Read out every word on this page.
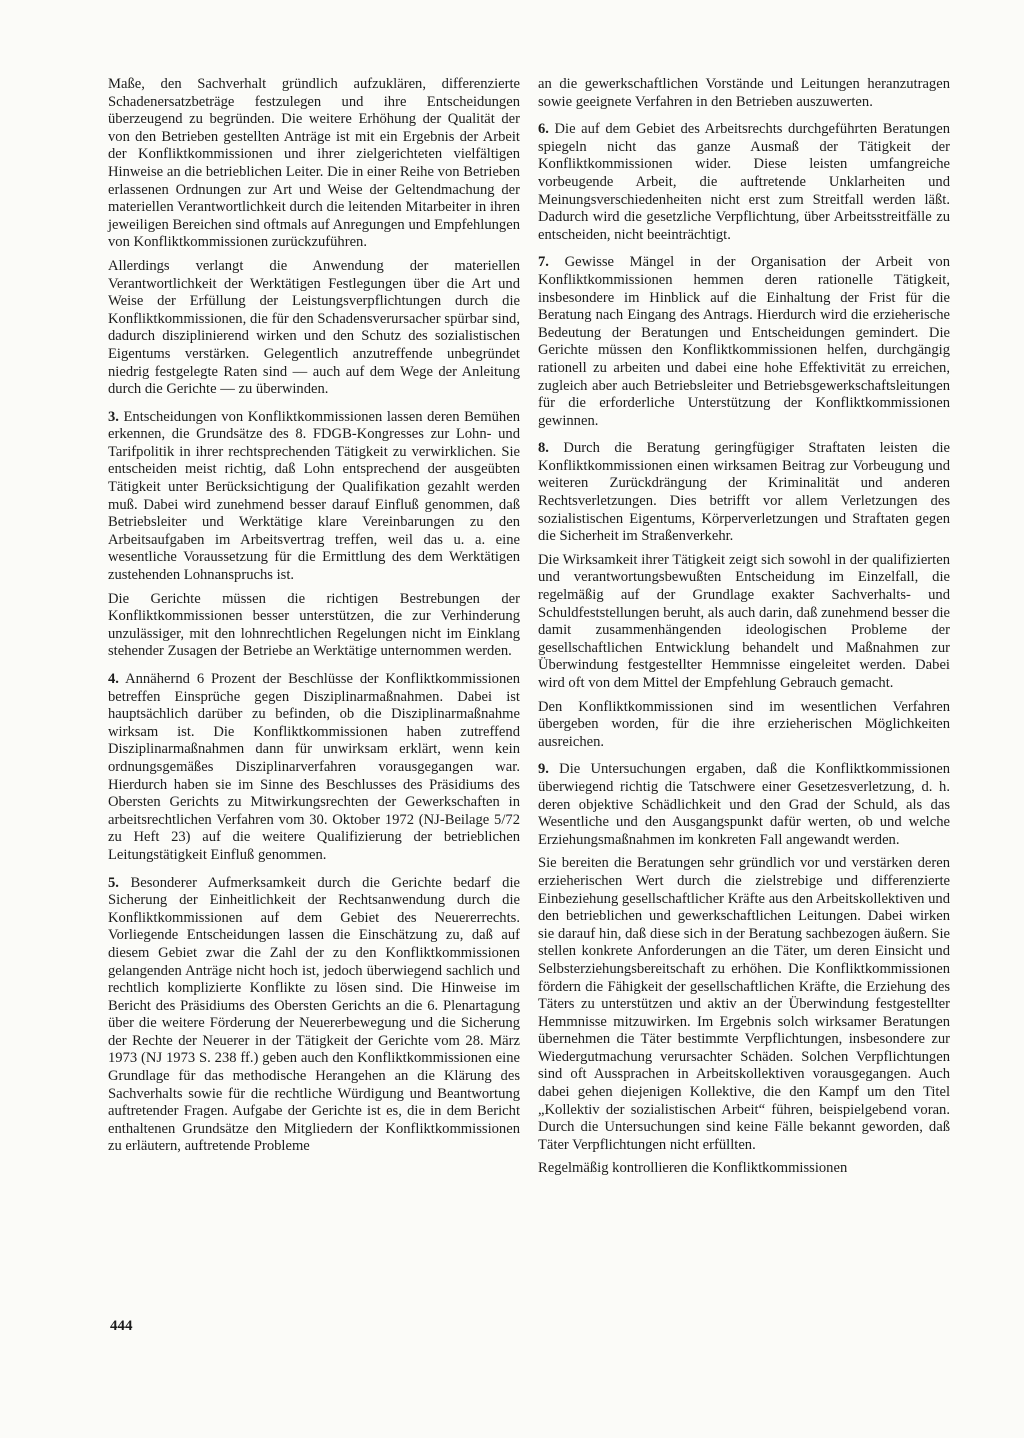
Maße, den Sachverhalt gründlich aufzuklären, differenzierte Schadenersatzbeträge festzulegen und ihre Entscheidungen überzeugend zu begründen. Die weitere Erhöhung der Qualität der von den Betrieben gestellten Anträge ist mit ein Ergebnis der Arbeit der Konfliktkommissionen und ihrer zielgerichteten vielfältigen Hinweise an die betrieblichen Leiter. Die in einer Reihe von Betrieben erlassenen Ordnungen zur Art und Weise der Geltendmachung der materiellen Verantwortlichkeit durch die leitenden Mitarbeiter in ihren jeweiligen Bereichen sind oftmals auf Anregungen und Empfehlungen von Konfliktkommissionen zurückzuführen.

Allerdings verlangt die Anwendung der materiellen Verantwortlichkeit der Werktätigen Festlegungen über die Art und Weise der Erfüllung der Leistungsverpflichtungen durch die Konfliktkommissionen, die für den Schadensverursacher spürbar sind, dadurch disziplinierend wirken und den Schutz des sozialistischen Eigentums verstärken. Gelegentlich anzutreffende unbegründet niedrig festgelegte Raten sind — auch auf dem Wege der Anleitung durch die Gerichte — zu überwinden.

3. Entscheidungen von Konfliktkommissionen lassen deren Bemühen erkennen, die Grundsätze des 8. FDGB-Kongresses zur Lohn- und Tarifpolitik in ihrer rechtsprechenden Tätigkeit zu verwirklichen. Sie entscheiden meist richtig, daß Lohn entsprechend der ausgeübten Tätigkeit unter Berücksichtigung der Qualifikation gezahlt werden muß. Dabei wird zunehmend besser darauf Einfluß genommen, daß Betriebsleiter und Werktätige klare Vereinbarungen zu den Arbeitsaufgaben im Arbeitsvertrag treffen, weil das u. a. eine wesentliche Voraussetzung für die Ermittlung des dem Werktätigen zustehenden Lohnanspruchs ist.

Die Gerichte müssen die richtigen Bestrebungen der Konfliktkommissionen besser unterstützen, die zur Verhinderung unzulässiger, mit den lohnrechtlichen Regelungen nicht im Einklang stehender Zusagen der Betriebe an Werktätige unternommen werden.

4. Annähernd 6 Prozent der Beschlüsse der Konfliktkommissionen betreffen Einsprüche gegen Disziplinarmaßnahmen. Dabei ist hauptsächlich darüber zu befinden, ob die Disziplinarmaßnahme wirksam ist. Die Konfliktkommissionen haben zutreffend Disziplinarmaßnahmen dann für unwirksam erklärt, wenn kein ordnungsgemäßes Disziplinarverfahren vorausgegangen war. Hierdurch haben sie im Sinne des Beschlusses des Präsidiums des Obersten Gerichts zu Mitwirkungsrechten der Gewerkschaften in arbeitsrechtlichen Verfahren vom 30. Oktober 1972 (NJ-Beilage 5/72 zu Heft 23) auf die weitere Qualifizierung der betrieblichen Leitungstätigkeit Einfluß genommen.

5. Besonderer Aufmerksamkeit durch die Gerichte bedarf die Sicherung der Einheitlichkeit der Rechtsanwendung durch die Konfliktkommissionen auf dem Gebiet des Neuererrechts. Vorliegende Entscheidungen lassen die Einschätzung zu, daß auf diesem Gebiet zwar die Zahl der zu den Konfliktkommissionen gelangenden Anträge nicht hoch ist, jedoch überwiegend sachlich und rechtlich komplizierte Konflikte zu lösen sind. Die Hinweise im Bericht des Präsidiums des Obersten Gerichts an die 6. Plenartagung über die weitere Förderung der Neuererbewegung und die Sicherung der Rechte der Neuerer in der Tätigkeit der Gerichte vom 28. März 1973 (NJ 1973 S. 238 ff.) geben auch den Konfliktkommissionen eine Grundlage für das methodische Herangehen an die Klärung des Sachverhalts sowie für die rechtliche Würdigung und Beantwortung auftretender Fragen. Aufgabe der Gerichte ist es, die in dem Bericht enthaltenen Grundsätze den Mitgliedern der Konfliktkommissionen zu erläutern, auftretende Probleme

an die gewerkschaftlichen Vorstände und Leitungen heranzutragen sowie geeignete Verfahren in den Betrieben auszuwerten.

6. Die auf dem Gebiet des Arbeitsrechts durchgeführten Beratungen spiegeln nicht das ganze Ausmaß der Tätigkeit der Konfliktkommissionen wider. Diese leisten umfangreiche vorbeugende Arbeit, die auftretende Unklarheiten und Meinungsverschiedenheiten nicht erst zum Streitfall werden läßt. Dadurch wird die gesetzliche Verpflichtung, über Arbeitsstreitfälle zu entscheiden, nicht beeinträchtigt.

7. Gewisse Mängel in der Organisation der Arbeit von Konfliktkommissionen hemmen deren rationelle Tätigkeit, insbesondere im Hinblick auf die Einhaltung der Frist für die Beratung nach Eingang des Antrags. Hierdurch wird die erzieherische Bedeutung der Beratungen und Entscheidungen gemindert. Die Gerichte müssen den Konfliktkommissionen helfen, durchgängig rationell zu arbeiten und dabei eine hohe Effektivität zu erreichen, zugleich aber auch Betriebsleiter und Betriebsgewerkschaftsleitungen für die erforderliche Unterstützung der Konfliktkommissionen gewinnen.

8. Durch die Beratung geringfügiger Straftaten leisten die Konfliktkommissionen einen wirksamen Beitrag zur Vorbeugung und weiteren Zurückdrängung der Kriminalität und anderen Rechtsverletzungen. Dies betrifft vor allem Verletzungen des sozialistischen Eigentums, Körperverletzungen und Straftaten gegen die Sicherheit im Straßenverkehr.

Die Wirksamkeit ihrer Tätigkeit zeigt sich sowohl in der qualifizierten und verantwortungsbewußten Entscheidung im Einzelfall, die regelmäßig auf der Grundlage exakter Sachverhalts- und Schuldfeststellungen beruht, als auch darin, daß zunehmend besser die damit zusammenhängenden ideologischen Probleme der gesellschaftlichen Entwicklung behandelt und Maßnahmen zur Überwindung festgestellter Hemmnisse eingeleitet werden. Dabei wird oft von dem Mittel der Empfehlung Gebrauch gemacht.

Den Konfliktkommissionen sind im wesentlichen Verfahren übergeben worden, für die ihre erzieherischen Möglichkeiten ausreichen.

9. Die Untersuchungen ergaben, daß die Konfliktkommissionen überwiegend richtig die Tatschwere einer Gesetzesverletzung, d. h. deren objektive Schädlichkeit und den Grad der Schuld, als das Wesentliche und den Ausgangspunkt dafür werten, ob und welche Erziehungsmaßnahmen im konkreten Fall angewandt werden.

Sie bereiten die Beratungen sehr gründlich vor und verstärken deren erzieherischen Wert durch die zielstrebige und differenzierte Einbeziehung gesellschaftlicher Kräfte aus den Arbeitskollektiven und den betrieblichen und gewerkschaftlichen Leitungen. Dabei wirken sie darauf hin, daß diese sich in der Beratung sachbezogen äußern. Sie stellen konkrete Anforderungen an die Täter, um deren Einsicht und Selbsterziehungsbereitschaft zu erhöhen. Die Konfliktkommissionen fördern die Fähigkeit der gesellschaftlichen Kräfte, die Erziehung des Täters zu unterstützen und aktiv an der Überwindung festgestellter Hemmnisse mitzuwirken. Im Ergebnis solch wirksamer Beratungen übernehmen die Täter bestimmte Verpflichtungen, insbesondere zur Wiedergutmachung verursachter Schäden. Solchen Verpflichtungen sind oft Aussprachen in Arbeitskollektiven vorausgegangen. Auch dabei gehen diejenigen Kollektive, die den Kampf um den Titel „Kollektiv der sozialistischen Arbeit“ führen, beispielgebend voran. Durch die Untersuchungen sind keine Fälle bekannt geworden, daß Täter Verpflichtungen nicht erfüllten.

Regelmäßig kontrollieren die Konfliktkommissionen

444
